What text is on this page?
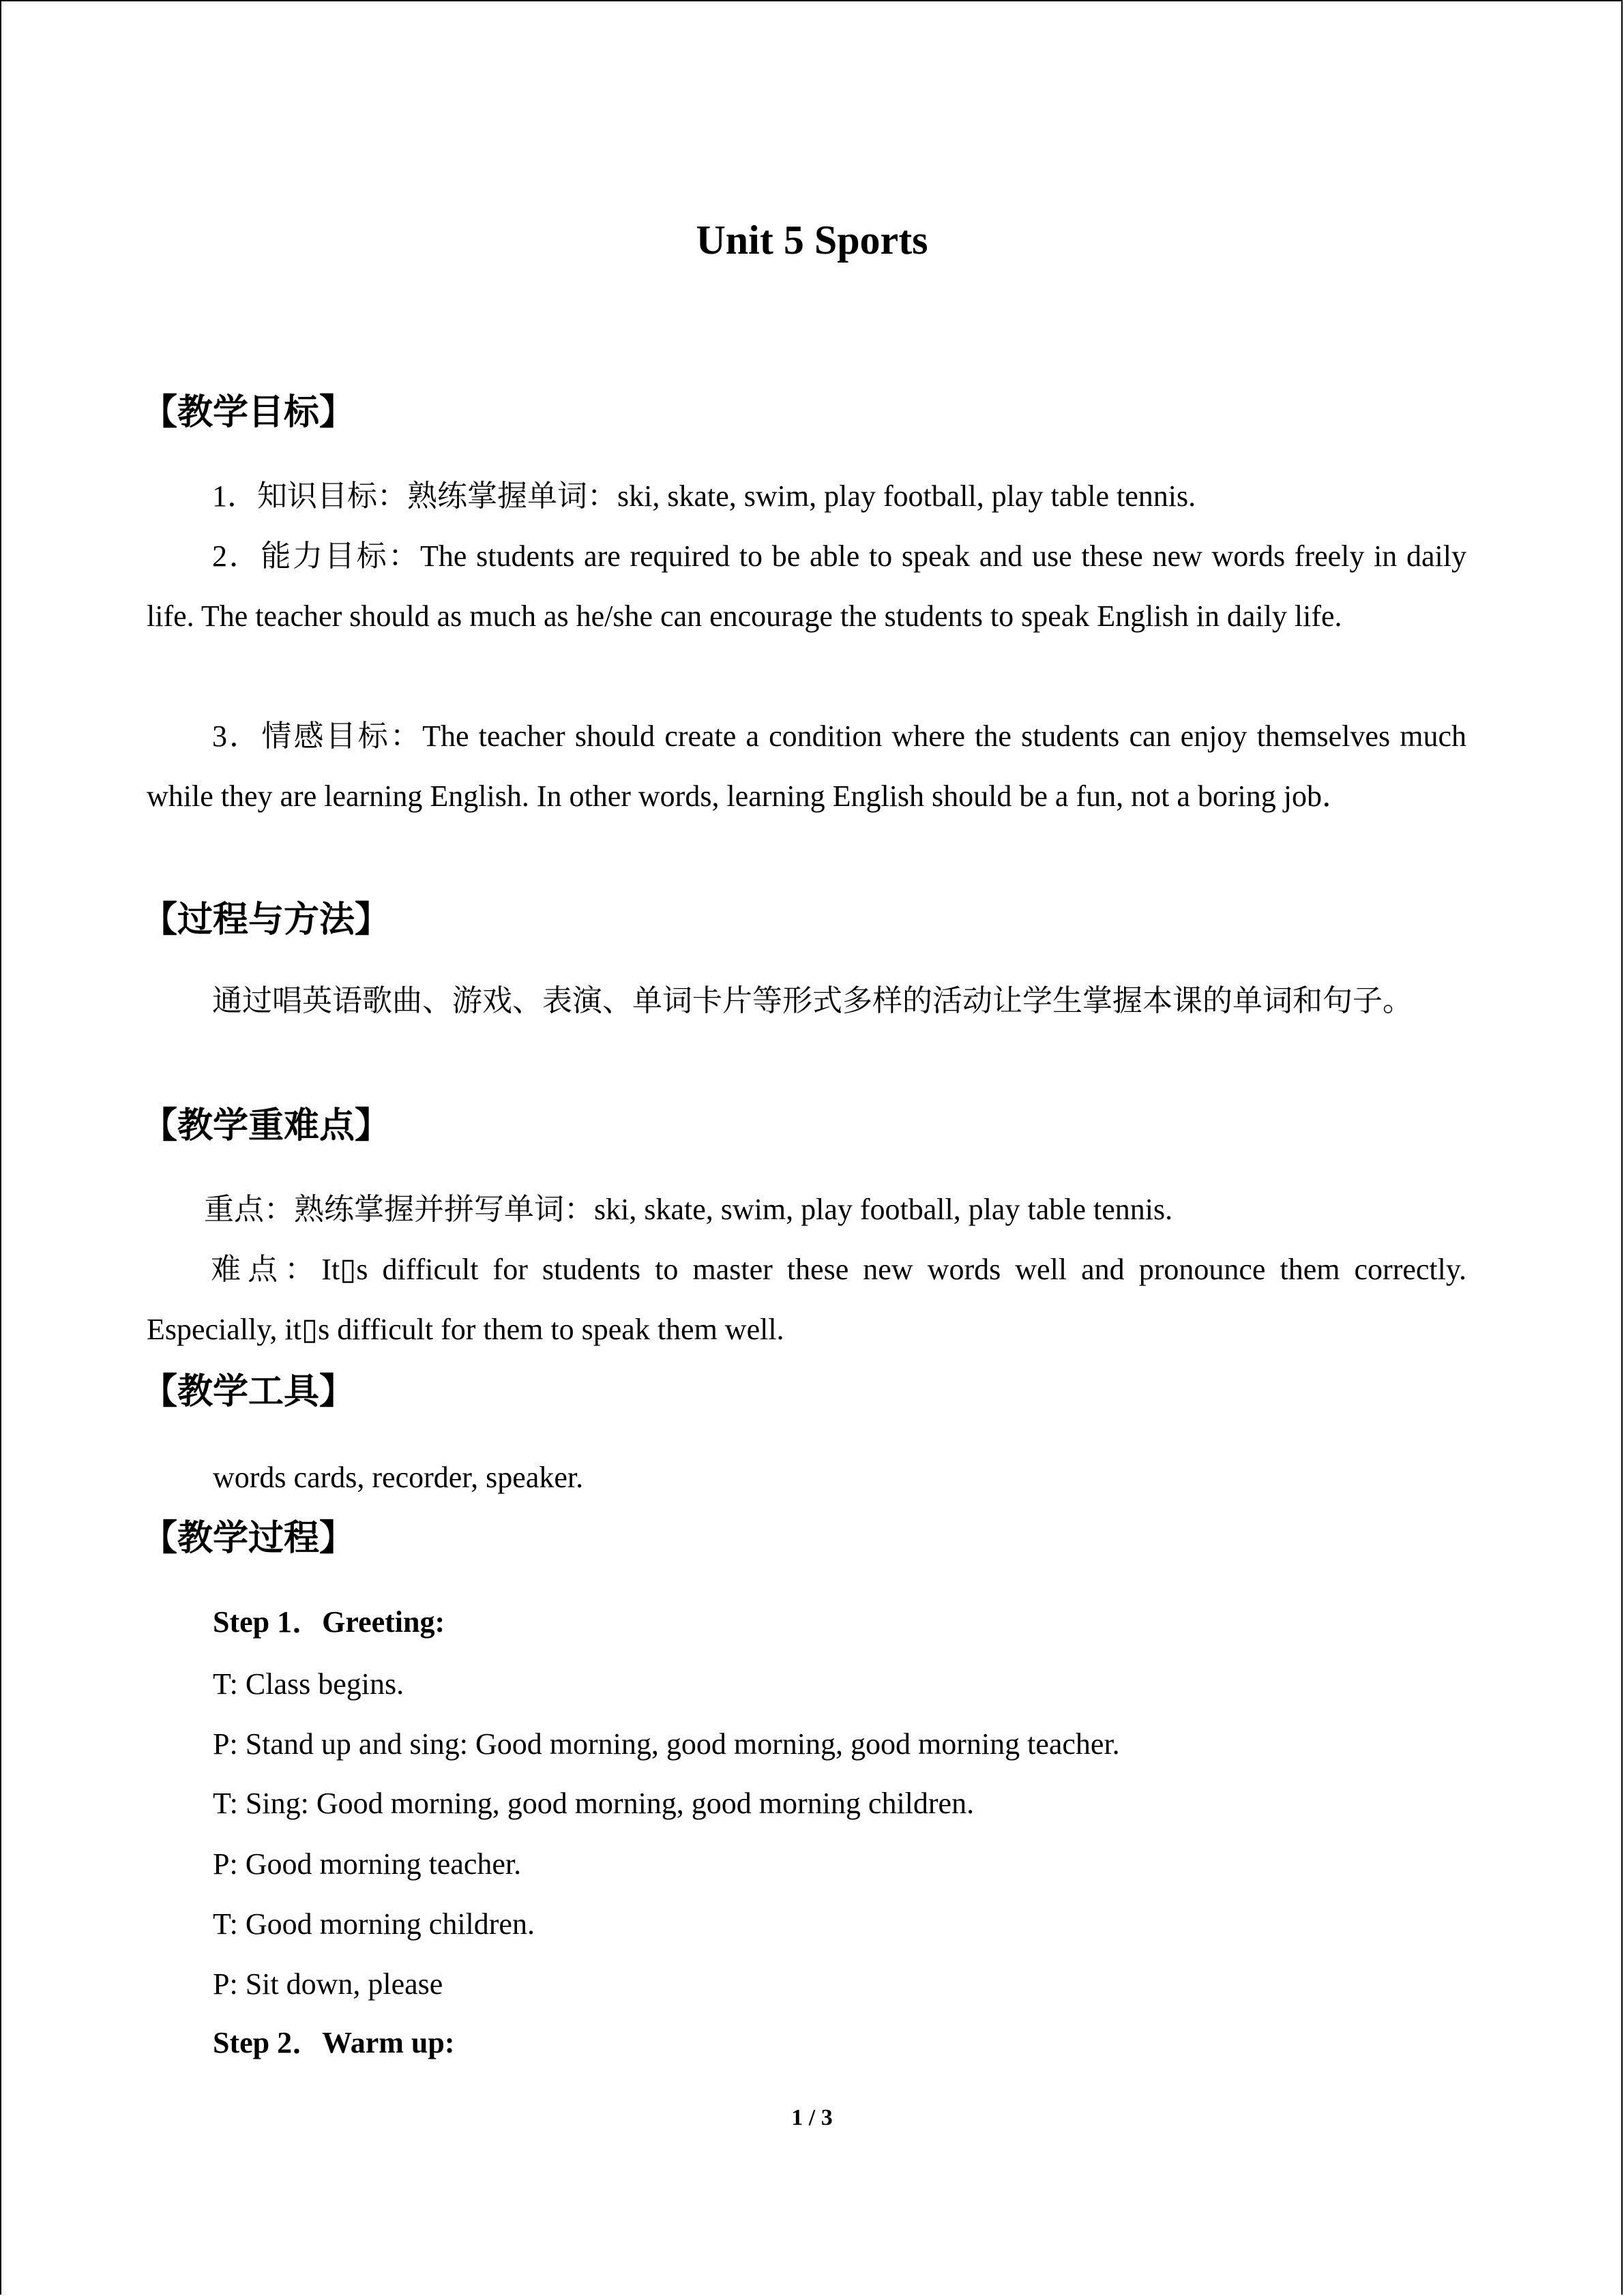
Unit 5 Sports
【教学目标】

1．知识目标：熟练掌握单词：ski, skate, swim, play football, play table tennis.

2．能力目标：The students are required to be able to speak and use these new words freely in daily life. The teacher should as much as he/she can encourage the students to speak English in daily life.

3．情感目标：The teacher should create a condition where the students can enjoy themselves much while they are learning English. In other words, learning English should be a fun, not a boring job．

【过程与方法】

通过唱英语歌曲、游戏、表演、单词卡片等形式多样的活动让学生掌握本课的单词和句子。

【教学重难点】

重点：熟练掌握并拼写单词：ski, skate, swim, play football, play table tennis.

难点：It▯s difficult for students to master these new words well and pronounce them correctly. Especially, it▯s difficult for them to speak them well.

【教学工具】

words cards, recorder, speaker.

【教学过程】

Step 1．Greeting:

T: Class begins.

P: Stand up and sing: Good morning, good morning, good morning teacher.

T: Sing: Good morning, good morning, good morning children.

P: Good morning teacher.

T: Good morning children.

P: Sit down, please

Step 2．Warm up:

1 / 3
